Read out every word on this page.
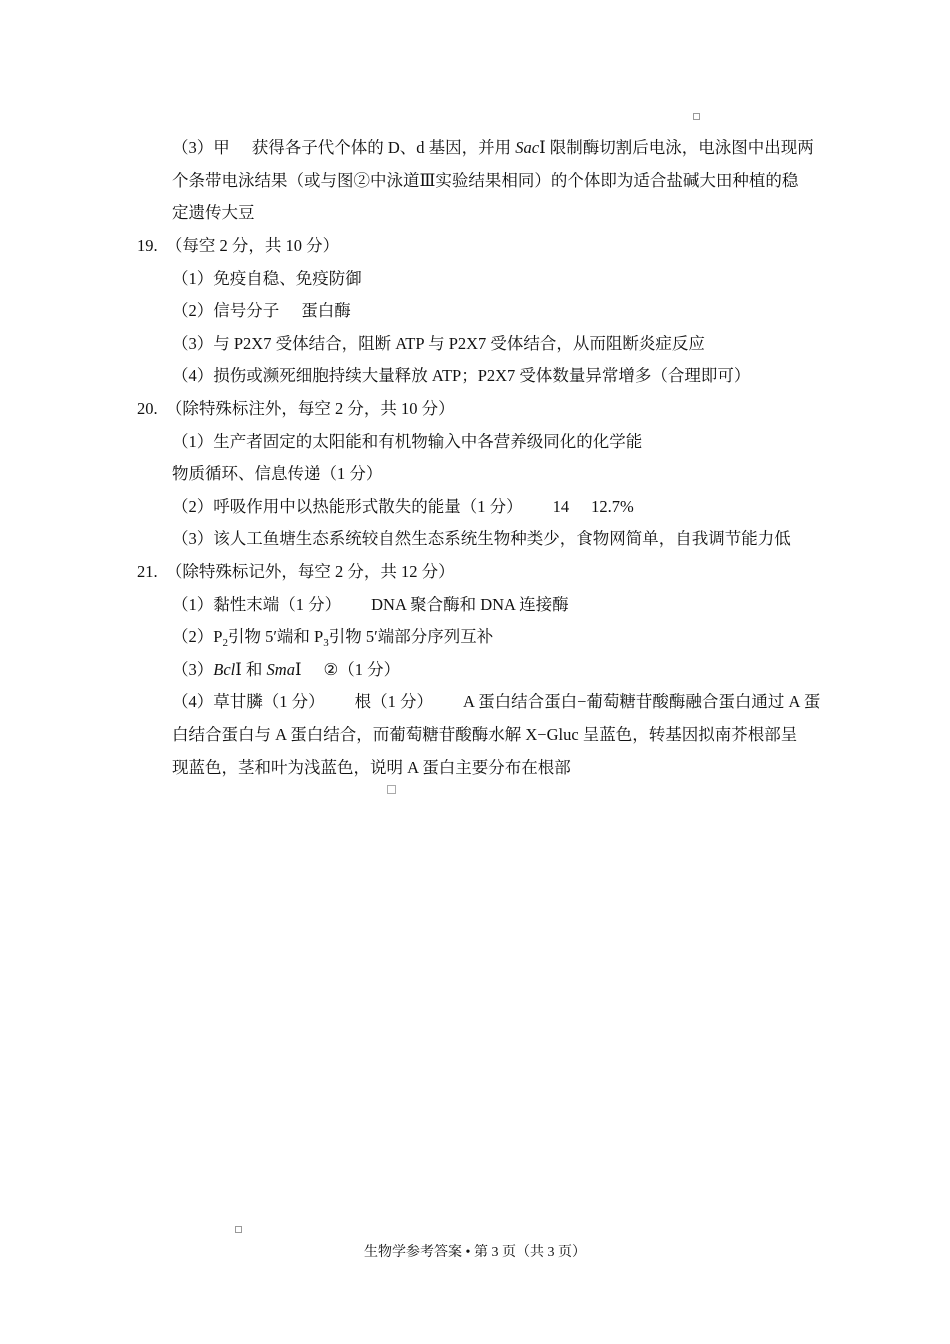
（3）甲 获得各子代个体的 D、d 基因，并用 SacⅠ 限制酶切割后电泳，电泳图中出现两
个条带电泳结果（或与图②中泳道Ⅲ实验结果相同）的个体即为适合盐碱大田种植的稳
定遗传大豆
19.　（每空 2 分，共 10 分）
（1）免疫自稳、免疫防御
（2）信号分子 蛋白酶
（3）与 P2X7 受体结合，阻断 ATP 与 P2X7 受体结合，从而阻断炎症反应
（4）损伤或濒死细胞持续大量释放 ATP；P2X7 受体数量异常增多（合理即可）
20.　（除特殊标注外，每空 2 分，共 10 分）
（1）生产者固定的太阳能和有机物输入中各营养级同化的化学能
物质循环、信息传递（1 分）
（2）呼吸作用中以热能形式散失的能量（1 分） 14 12.7%
（3）该人工鱼塘生态系统较自然生态系统生物种类少，食物网简单，自我调节能力低
21.　（除特殊标记外，每空 2 分，共 12 分）
（1）黏性末端（1 分） DNA 聚合酶和 DNA 连接酶
$(2)P_2$引物 5′端和 $P_3$引物 5′端部分序列互补
（3）BclⅠ 和 SmaⅠ ②（1 分）
（4）草甘膦（1 分） 根（1 分） A 蛋白结合蛋白−葡萄糖苷酸酶融合蛋白通过 A 蛋
白结合蛋白与 A 蛋白结合，而葡萄糖苷酸酶水解 X−Gluc 呈蓝色，转基因拟南芥根部呈
现蓝色，茎和叶为浅蓝色，说明 A 蛋白主要分布在根部
生物学参考答案 • 第 3 页（共 3 页）
